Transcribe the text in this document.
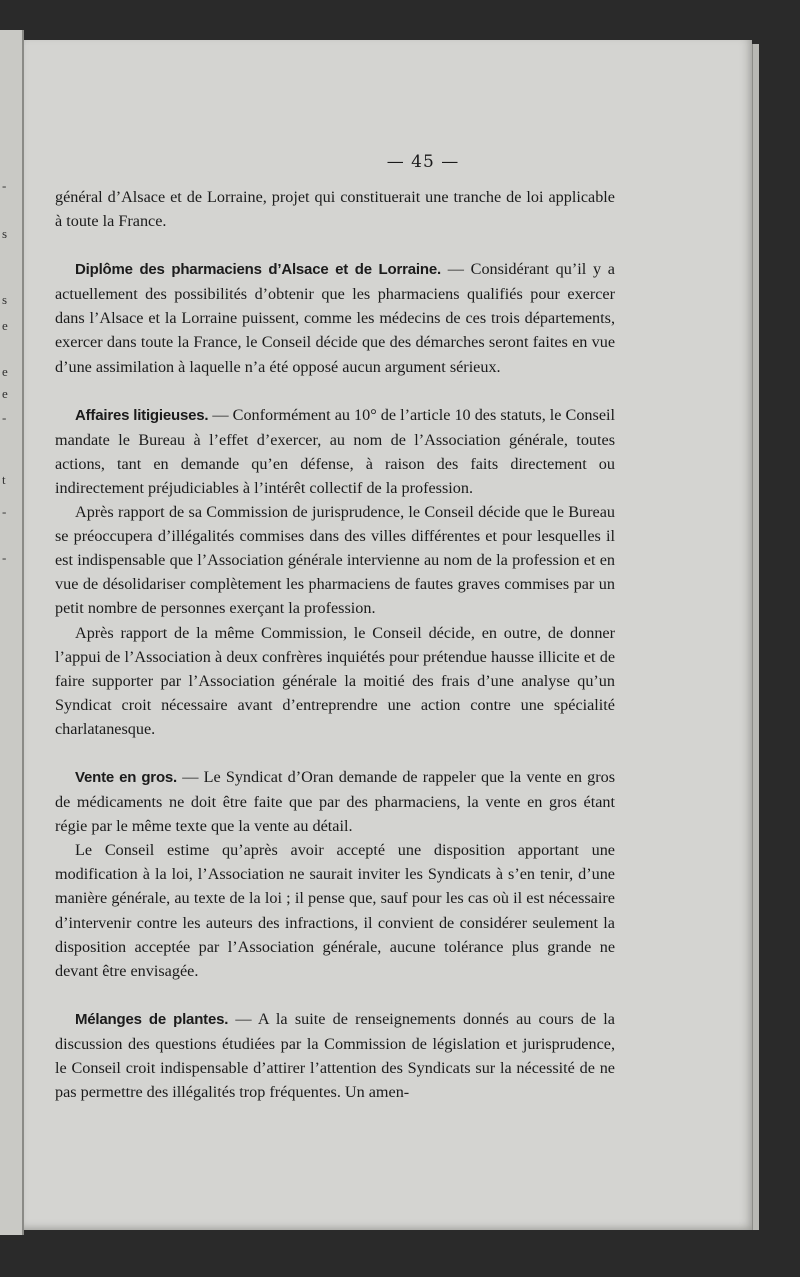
-
s
s
e
e
e
-
t
-
-
— 45 —

général d’Alsace et de Lorraine, projet qui constituerait une tranche de loi applicable à toute la France.

Diplôme des pharmaciens d’Alsace et de Lorraine. — Considérant qu’il y a actuellement des possibilités d’obtenir que les pharmaciens qualifiés pour exercer dans l’Alsace et la Lorraine puissent, comme les médecins de ces trois départements, exercer dans toute la France, le Conseil décide que des démarches seront faites en vue d’une assimilation à laquelle n’a été opposé aucun argument sérieux.

Affaires litigieuses. — Conformément au 10° de l’article 10 des statuts, le Conseil mandate le Bureau à l’effet d’exercer, au nom de l’Association générale, toutes actions, tant en demande qu’en défense, à raison des faits directement ou indirectement préjudiciables à l’intérêt collectif de la profession.

Après rapport de sa Commission de jurisprudence, le Conseil décide que le Bureau se préoccupera d’illégalités commises dans des villes différentes et pour lesquelles il est indispensable que l’Association générale intervienne au nom de la profession et en vue de désolidariser complètement les pharmaciens de fautes graves commises par un petit nombre de personnes exerçant la profession.

Après rapport de la même Commission, le Conseil décide, en outre, de donner l’appui de l’Association à deux confrères inquiétés pour prétendue hausse illicite et de faire supporter par l’Association générale la moitié des frais d’une analyse qu’un Syndicat croit nécessaire avant d’entreprendre une action contre une spécialité charlatanesque.

Vente en gros. — Le Syndicat d’Oran demande de rappeler que la vente en gros de médicaments ne doit être faite que par des pharmaciens, la vente en gros étant régie par le même texte que la vente au détail.

Le Conseil estime qu’après avoir accepté une disposition apportant une modification à la loi, l’Association ne saurait inviter les Syndicats à s’en tenir, d’une manière générale, au texte de la loi ; il pense que, sauf pour les cas où il est nécessaire d’intervenir contre les auteurs des infractions, il convient de considérer seulement la disposition acceptée par l’Association générale, aucune tolérance plus grande ne devant être envisagée.

Mélanges de plantes. — A la suite de renseignements donnés au cours de la discussion des questions étudiées par la Commission de législation et jurisprudence, le Conseil croit indispensable d’attirer l’attention des Syndicats sur la nécessité de ne pas permettre des illégalités trop fréquentes. Un amen-
